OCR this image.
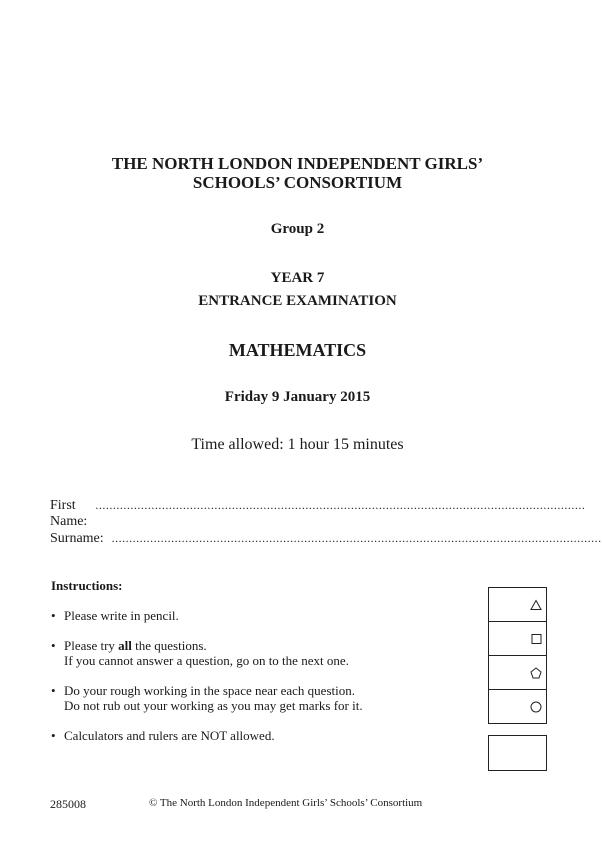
THE NORTH LONDON INDEPENDENT GIRLS’
SCHOOLS’ CONSORTIUM
Group 2
YEAR 7
ENTRANCE EXAMINATION
MATHEMATICS
Friday 9 January 2015
Time allowed: 1 hour 15 minutes
First Name:
............................................................................................................................................
Surname: ............................................................................................................................................
Instructions:
• Please write in pencil.
• Please try all the questions.
If you cannot answer a question, go on to the next one.
• Do your rough working in the space near each question.
Do not rub out your working as you may get marks for it.
• Calculators and rulers are NOT allowed.
285008	© The North London Independent Girls’ Schools’ Consortium
